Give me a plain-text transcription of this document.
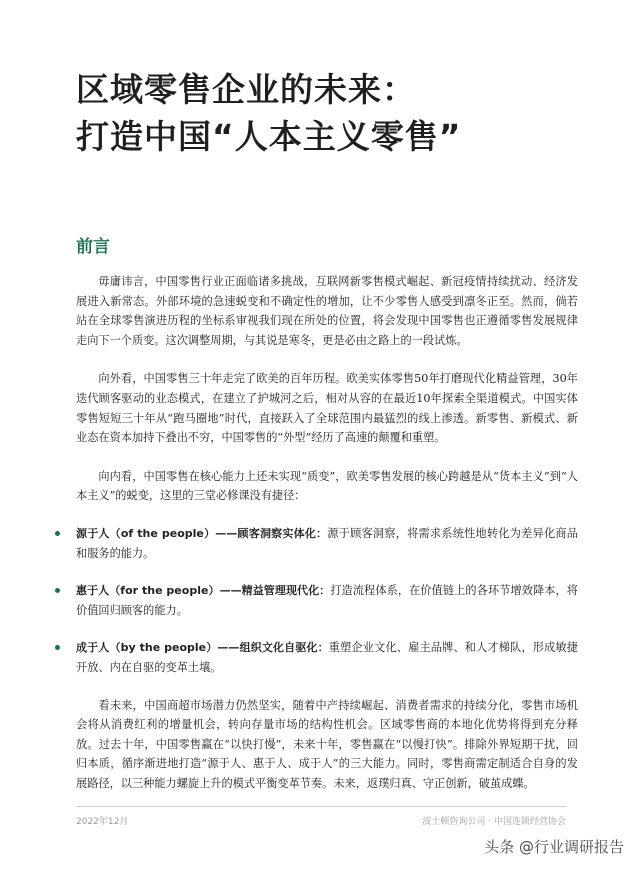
区域零售企业的未来：
打造中国“人本主义零售”
前言

毋庸讳言，中国零售行业正面临诸多挑战，互联网新零售模式崛起、新冠疫情持续扰动、经济发展进入新常态。外部环境的急速蜕变和不确定性的增加，让不少零售人感受到凛冬正至。然而，倘若站在全球零售演进历程的坐标系审视我们现在所处的位置，将会发现中国零售也正遵循零售发展规律走向下一个质变。这次调整周期，与其说是寒冬，更是必由之路上的一段试炼。

向外看，中国零售三十年走完了欧美的百年历程。欧美实体零售50年打磨现代化精益管理，30年迭代顾客驱动的业态模式，在建立了护城河之后，相对从容的在最近10年探索全渠道模式。中国实体零售短短三十年从“跑马圈地”时代，直接跃入了全球范围内最猛烈的线上渗透。新零售、新模式、新业态在资本加持下叠出不穷，中国零售的“外型”经历了高速的颠覆和重塑。

向内看，中国零售在核心能力上还未实现“质变”，欧美零售发展的核心跨越是从“货本主义”到“人本主义”的蜕变，这里的三堂必修课没有捷径：

源于人（of the people）——顾客洞察实体化：源于顾客洞察，将需求系统性地转化为差异化商品和服务的能力。
惠于人（for the people）——精益管理现代化：打造流程体系，在价值链上的各环节增效降本，将价值回归顾客的能力。
成于人（by the people）——组织文化自驱化：重塑企业文化、雇主品牌、和人才梯队，形成敏捷开放、内在自驱的变革土壤。

看未来，中国商超市场潜力仍然坚实，随着中产持续崛起、消费者需求的持续分化，零售市场机会将从消费红利的增量机会，转向存量市场的结构性机会。区域零售商的本地化优势将得到充分释放。过去十年，中国零售赢在“以快打慢”，未来十年，零售赢在“以慢打快”。排除外界短期干扰，回归本质，循序渐进地打造“源于人、惠于人、成于人”的三大能力。同时，零售商需定制适合自身的发展路径，以三种能力螺旋上升的模式平衡变革节奏。未来，返璞归真、守正创新，破茧成蝶。

2022年12月	波士顿咨询公司 · 中国连锁经营协会
头条 @行业调研报告
